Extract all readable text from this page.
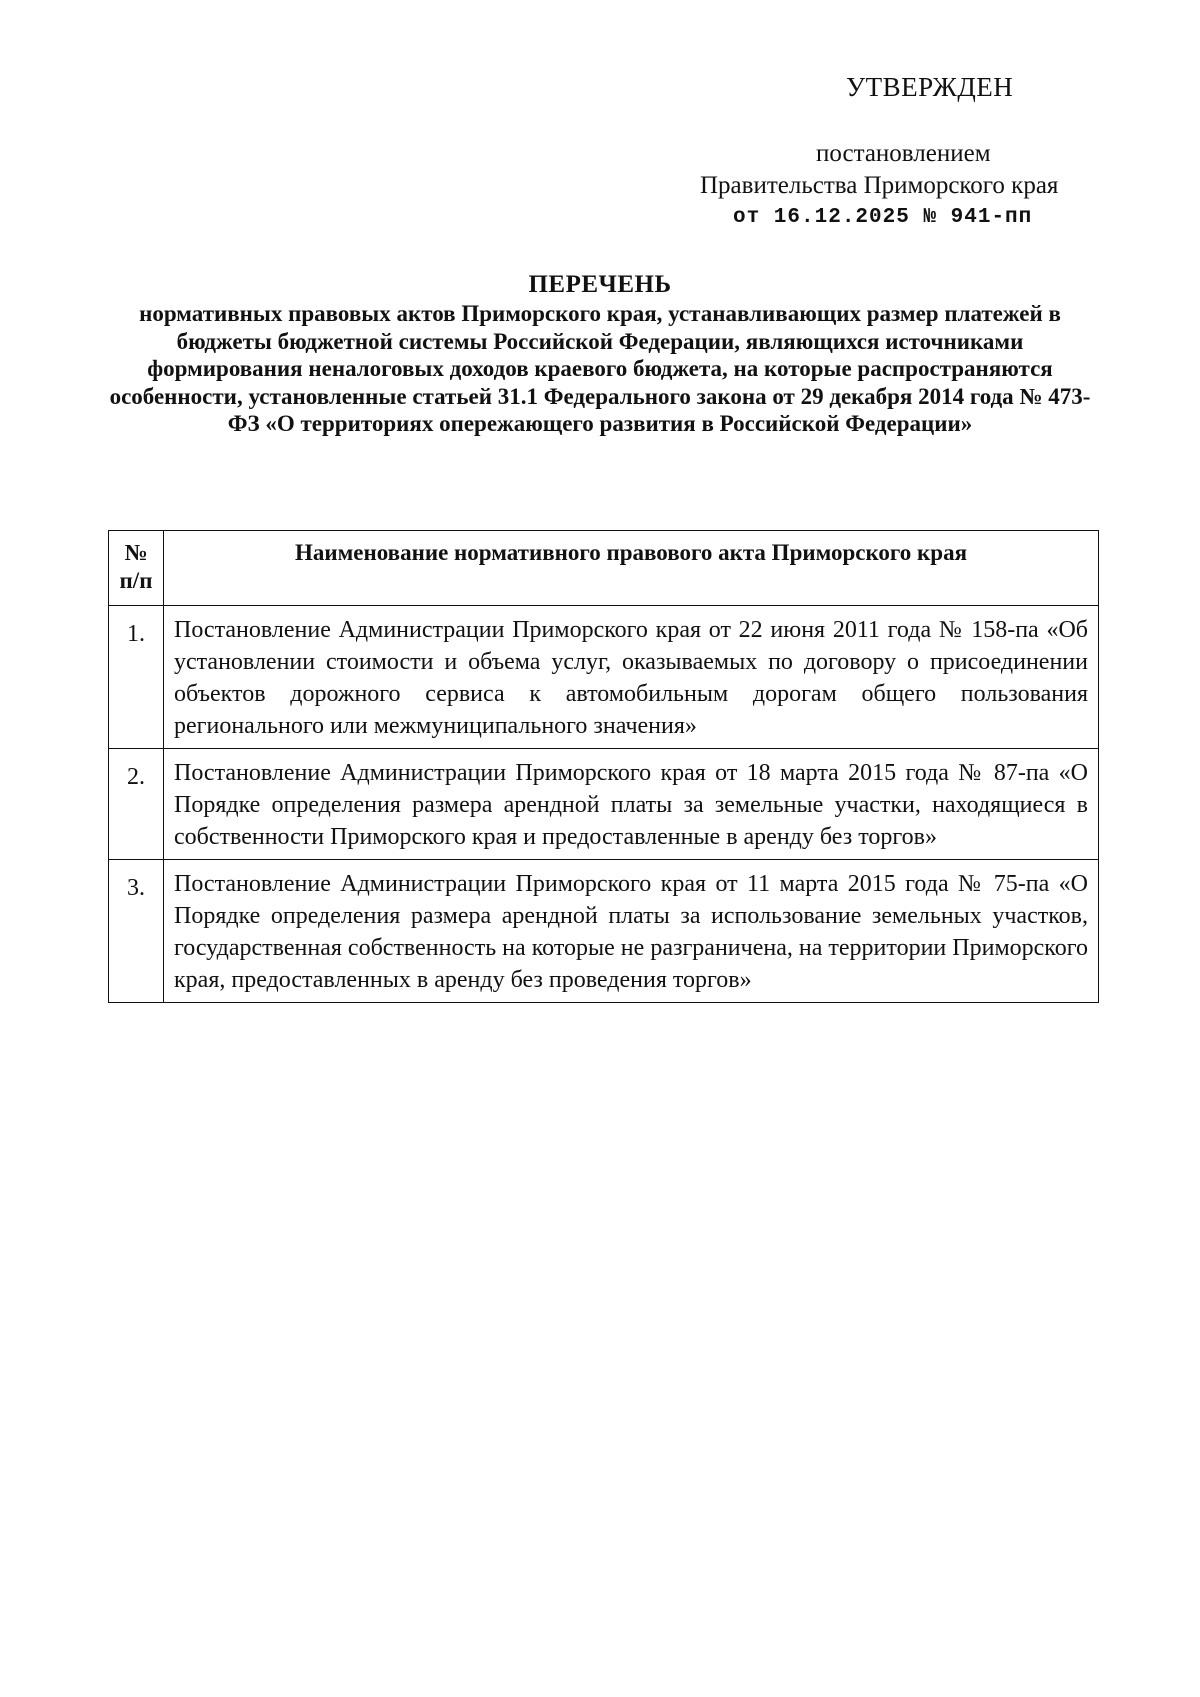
УТВЕРЖДЕН
постановлением
Правительства Приморского края
от 16.12.2025 № 941-пп
ПЕРЕЧЕНЬ
нормативных правовых актов Приморского края, устанавливающих размер платежей в бюджеты бюджетной системы Российской Федерации, являющихся источниками формирования неналоговых доходов краевого бюджета, на которые распространяются особенности, установленные статьей 31.1 Федерального закона от 29 декабря 2014 года № 473-ФЗ «О территориях опережающего развития в Российской Федерации»
№ п/п	Наименование нормативного правового акта Приморского края
1.	Постановление Администрации Приморского края от 22 июня 2011 года № 158-па «Об установлении стоимости и объема услуг, оказываемых по договору о присоединении объектов дорожного сервиса к автомобильным дорогам общего пользования регионального или межмуниципального значения»
2.	Постановление Администрации Приморского края от 18 марта 2015 года № 87-па «О Порядке определения размера арендной платы за земельные участки, находящиеся в собственности Приморского края и предоставленные в аренду без торгов»
3.	Постановление Администрации Приморского края от 11 марта 2015 года № 75-па «О Порядке определения размера арендной платы за использование земельных участков, государственная собственность на которые не разграничена, на территории Приморского края, предоставленных в аренду без проведения торгов»
